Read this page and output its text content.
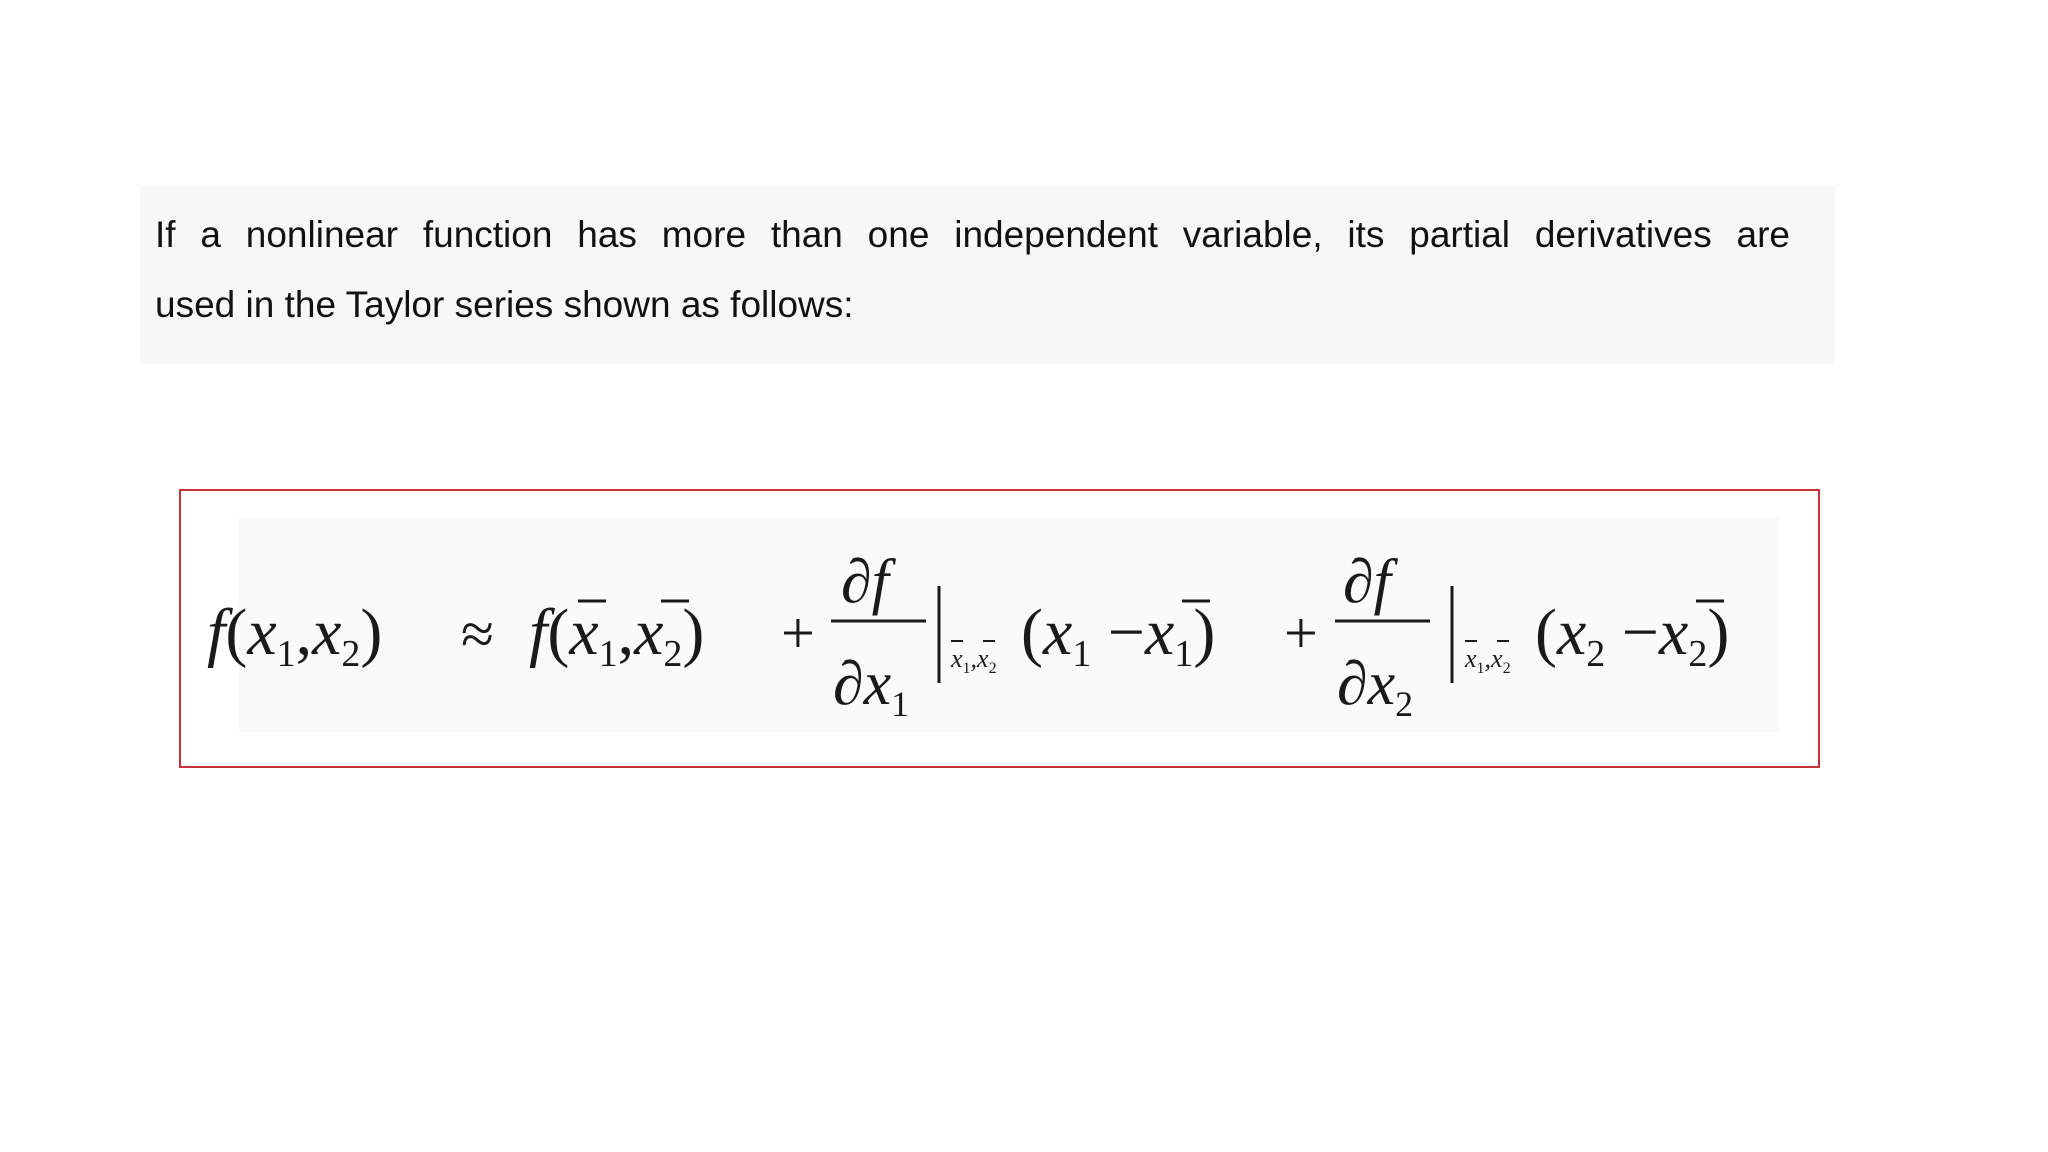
If a nonlinear function has more than one independent variable, its partial derivatives are
used in the Taylor series shown as follows:
f(x1,x2) ≈ f(x1,x2) +
∂f
∂x1
$x_1,x_2$ (x1 −x1) +
∂f
∂x2
$x_1,x_2$ (x2 −x2)
